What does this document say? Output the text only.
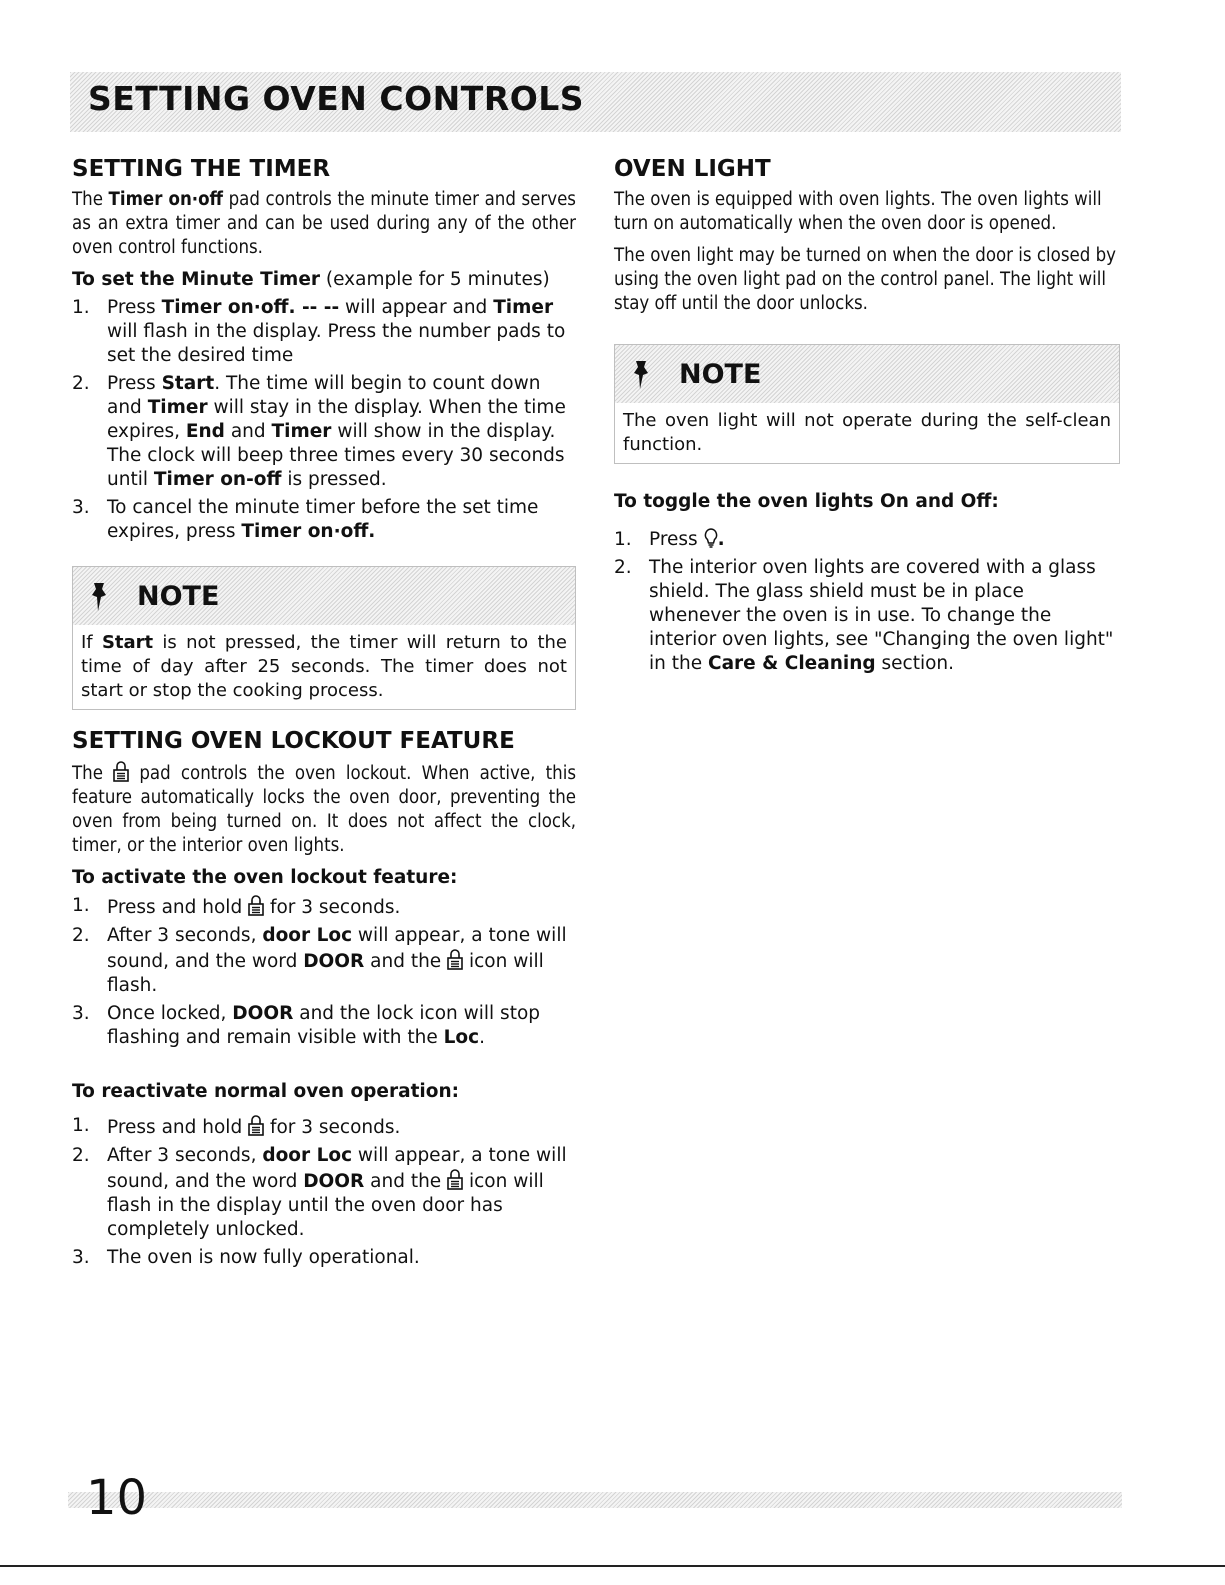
SETTING OVEN CONTROLS
SETTING THE TIMER

The Timer on·off pad controls the minute timer and serves as an extra timer and can be used during any of the other oven control functions.

To set the Minute Timer (example for 5 minutes)
1. Press Timer on·off. -- -- will appear and Timer will flash in the display. Press the number pads to set the desired time
2. Press Start. The time will begin to count down and Timer will stay in the display. When the time expires, End and Timer will show in the display. The clock will beep three times every 30 seconds until Timer on-off is pressed.
3. To cancel the minute timer before the set time expires, press Timer on·off.
NOTE
If Start is not pressed, the timer will return to the time of day after 25 seconds. The timer does not start or stop the cooking process.
SETTING OVEN LOCKOUT FEATURE

The  pad controls the oven lockout. When active, this feature automatically locks the oven door, preventing the oven from being turned on. It does not affect the clock, timer, or the interior oven lights.

To activate the oven lockout feature:
1. Press and hold  for 3 seconds.
2. After 3 seconds, door Loc will appear, a tone will sound, and the word DOOR and the  icon will flash.
3. Once locked, DOOR and the lock icon will stop flashing and remain visible with the Loc.
To reactivate normal oven operation:
1. Press and hold  for 3 seconds.
2. After 3 seconds, door Loc will appear, a tone will sound, and the word DOOR and the  icon will flash in the display until the oven door has completely unlocked.
3. The oven is now fully operational.
OVEN LIGHT

The oven is equipped with oven lights. The oven lights will turn on automatically when the oven door is opened.

The oven light may be turned on when the door is closed by using the oven light pad on the control panel. The light will stay off until the door unlocks.

NOTE
The oven light will not operate during the self-clean function.
To toggle the oven lights On and Off:
1. Press .
2. The interior oven lights are covered with a glass shield. The glass shield must be in place whenever the oven is in use. To change the interior oven lights, see "Changing the oven light" in the Care & Cleaning section.
10
